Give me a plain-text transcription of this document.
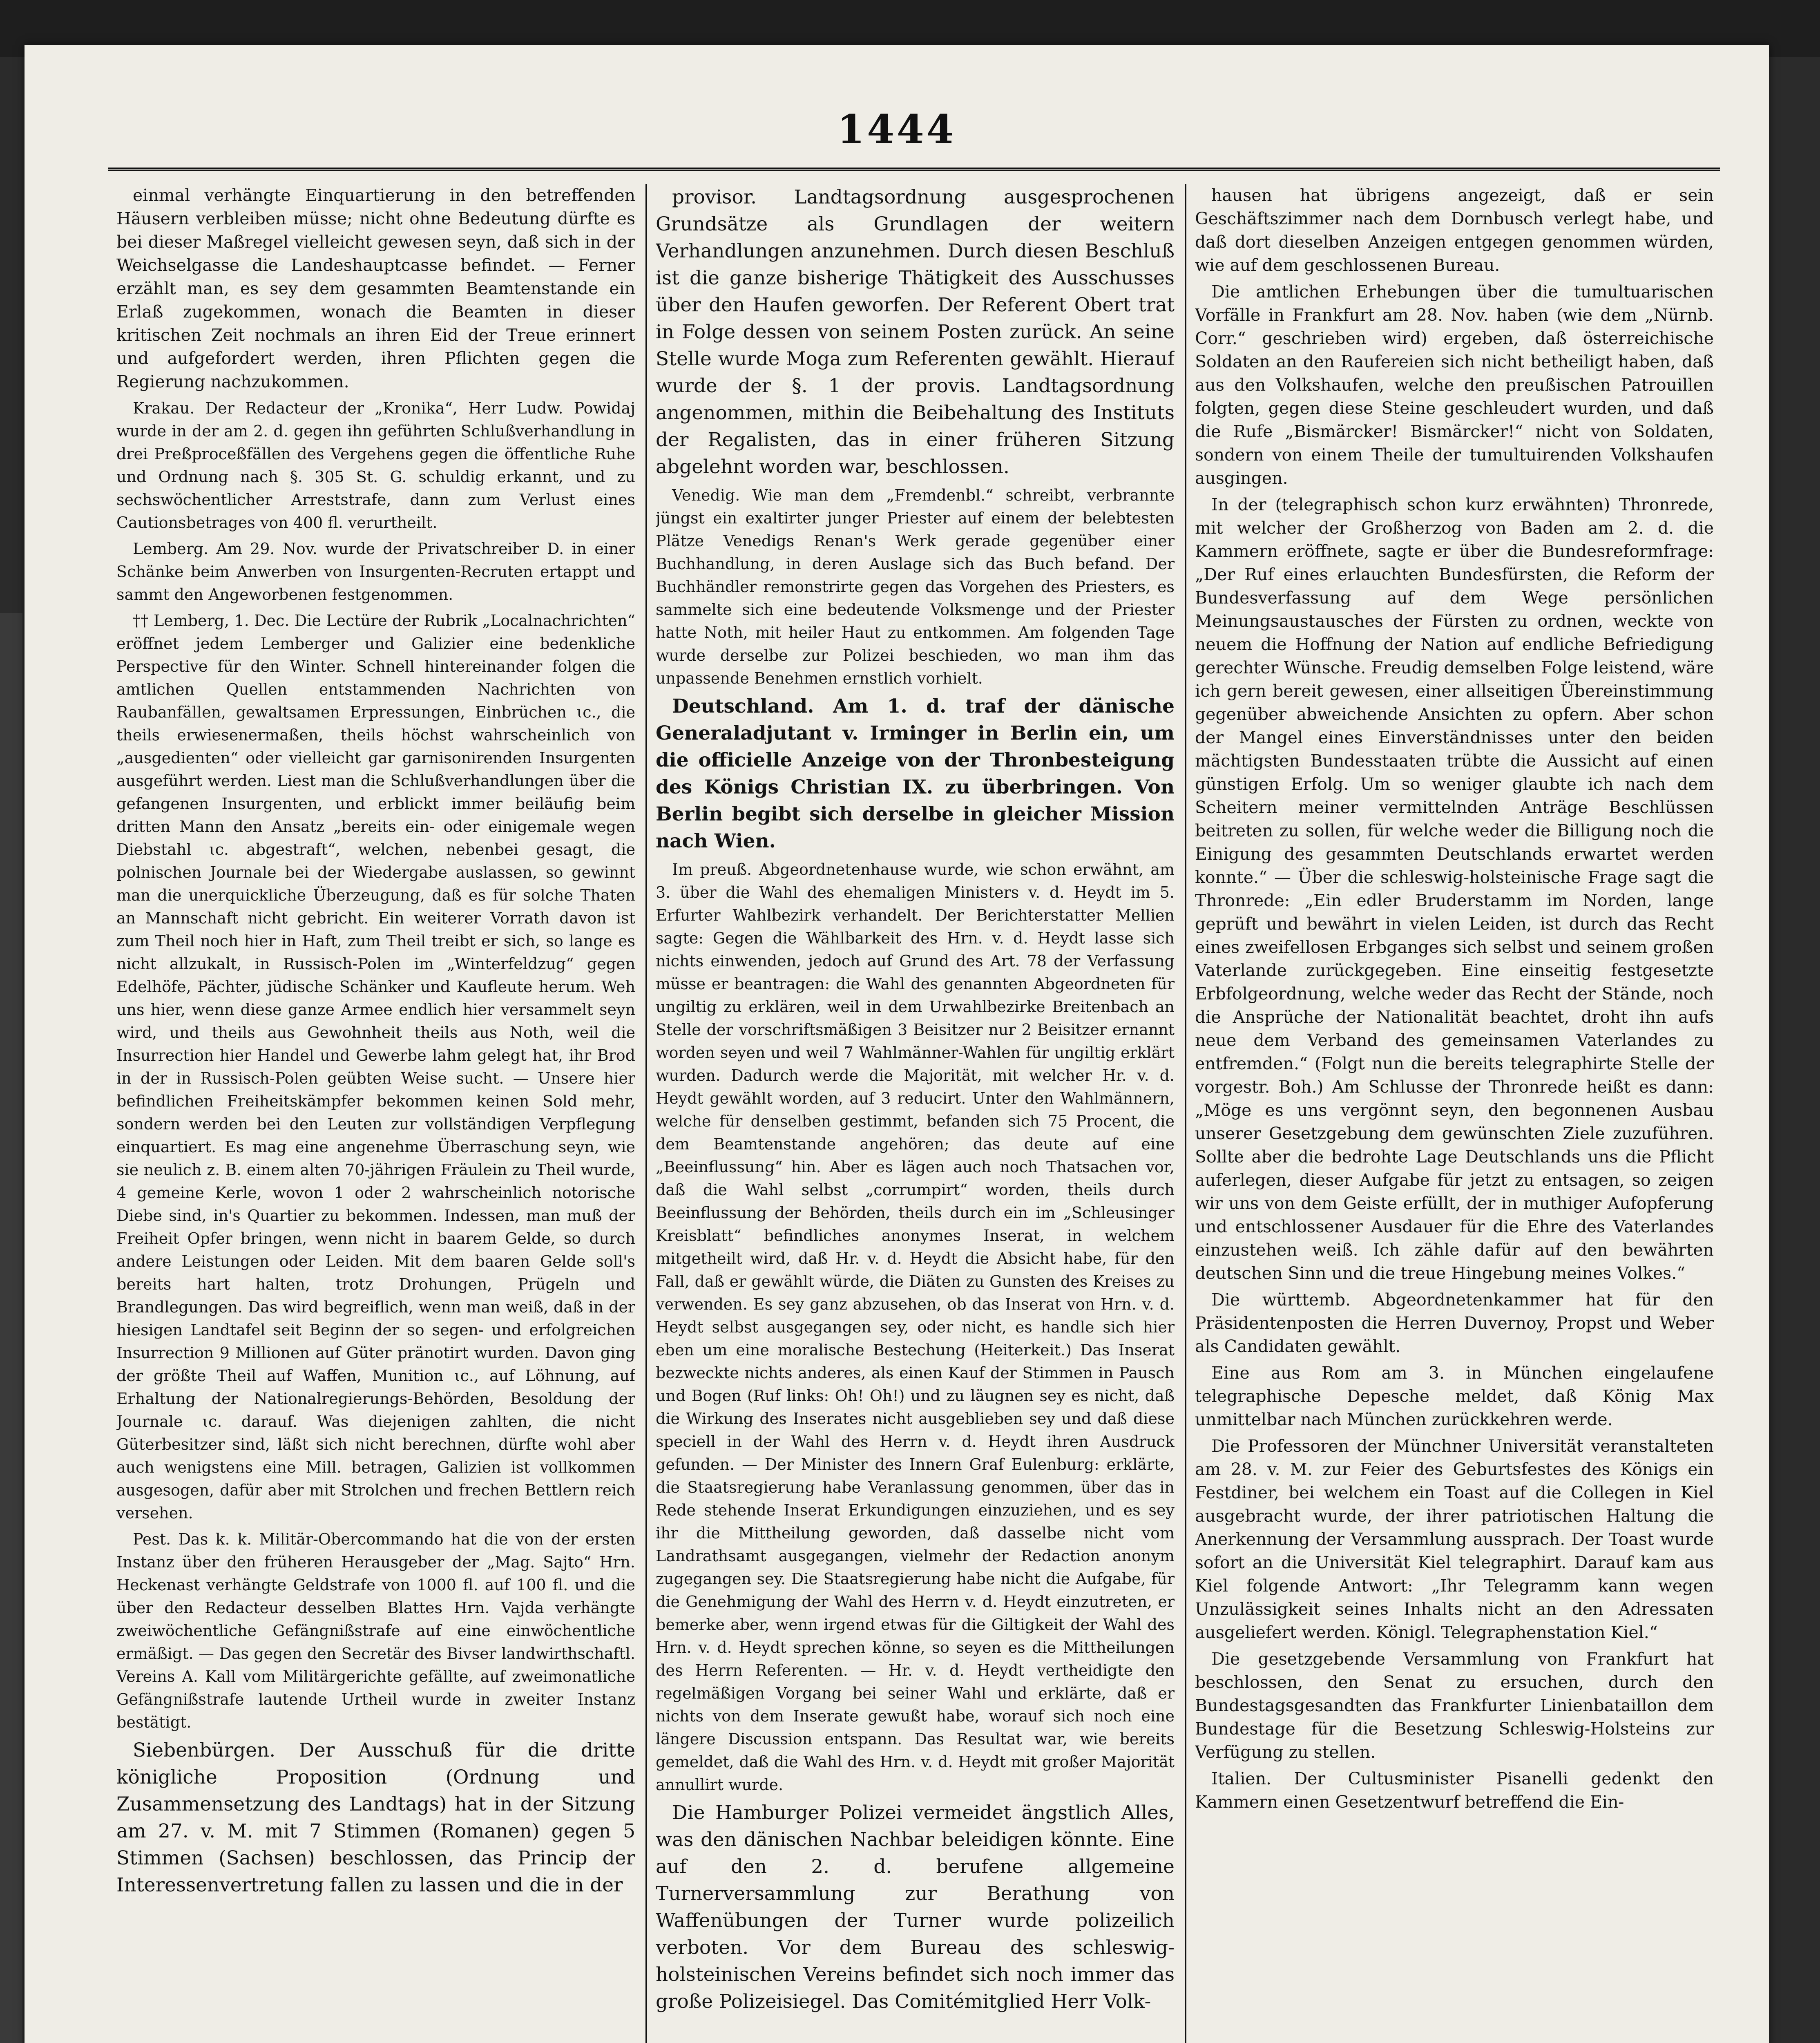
1444

einmal verhängte Einquartierung in den betreffenden Häusern verbleiben müsse; nicht ohne Bedeutung dürfte es bei dieser Maßregel vielleicht gewesen seyn, daß sich in der Weichselgasse die Landeshauptcasse befindet. — Ferner erzählt man, es sey dem gesammten Beamtenstande ein Erlaß zugekommen, wonach die Beamten in dieser kritischen Zeit nochmals an ihren Eid der Treue erinnert und aufgefordert werden, ihren Pflichten gegen die Regierung nachzukommen.

Krakau. Der Redacteur der „Kronika“, Herr Ludw. Powidaj wurde in der am 2. d. gegen ihn geführten Schlußverhandlung in drei Preßproceßfällen des Vergehens gegen die öffentliche Ruhe und Ordnung nach §. 305 St. G. schuldig erkannt, und zu sechswöchentlicher Arreststrafe, dann zum Verlust eines Cautionsbetrages von 400 fl. verurtheilt.

Lemberg. Am 29. Nov. wurde der Privatschreiber D. in einer Schänke beim Anwerben von Insurgenten-Recruten ertappt und sammt den Angeworbenen festgenommen.

†† Lemberg, 1. Dec. Die Lectüre der Rubrik „Localnachrichten“ eröffnet jedem Lemberger und Galizier eine bedenkliche Perspective für den Winter. Schnell hintereinander folgen die amtlichen Quellen entstammenden Nachrichten von Raubanfällen, gewaltsamen Erpressungen, Einbrüchen ɩc., die theils erwiesenermaßen, theils höchst wahrscheinlich von „ausgedienten“ oder vielleicht gar garnisonirenden Insurgenten ausgeführt werden. Liest man die Schlußverhandlungen über die gefangenen Insurgenten, und erblickt immer beiläufig beim dritten Mann den Ansatz „bereits ein- oder einigemale wegen Diebstahl ɩc. abgestraft“, welchen, nebenbei gesagt, die polnischen Journale bei der Wiedergabe auslassen, so gewinnt man die unerquickliche Überzeugung, daß es für solche Thaten an Mannschaft nicht gebricht. Ein weiterer Vorrath davon ist zum Theil noch hier in Haft, zum Theil treibt er sich, so lange es nicht allzukalt, in Russisch-Polen im „Winterfeldzug“ gegen Edelhöfe, Pächter, jüdische Schänker und Kaufleute herum. Weh uns hier, wenn diese ganze Armee endlich hier versammelt seyn wird, und theils aus Gewohnheit theils aus Noth, weil die Insurrection hier Handel und Gewerbe lahm gelegt hat, ihr Brod in der in Russisch-Polen geübten Weise sucht. — Unsere hier befindlichen Freiheitskämpfer bekommen keinen Sold mehr, sondern werden bei den Leuten zur vollständigen Verpflegung einquartiert. Es mag eine angenehme Überraschung seyn, wie sie neulich z. B. einem alten 70-jährigen Fräulein zu Theil wurde, 4 gemeine Kerle, wovon 1 oder 2 wahrscheinlich notorische Diebe sind, in's Quartier zu bekommen. Indessen, man muß der Freiheit Opfer bringen, wenn nicht in baarem Gelde, so durch andere Leistungen oder Leiden. Mit dem baaren Gelde soll's bereits hart halten, trotz Drohungen, Prügeln und Brandlegungen. Das wird begreiflich, wenn man weiß, daß in der hiesigen Landtafel seit Beginn der so segen- und erfolgreichen Insurrection 9 Millionen auf Güter pränotirt wurden. Davon ging der größte Theil auf Waffen, Munition ɩc., auf Löhnung, auf Erhaltung der Nationalregierungs-Behörden, Besoldung der Journale ɩc. darauf. Was diejenigen zahlten, die nicht Güterbesitzer sind, läßt sich nicht berechnen, dürfte wohl aber auch wenigstens eine Mill. betragen, Galizien ist vollkommen ausgesogen, dafür aber mit Strolchen und frechen Bettlern reich versehen.

Pest. Das k. k. Militär-Obercommando hat die von der ersten Instanz über den früheren Herausgeber der „Mag. Sajto“ Hrn. Heckenast verhängte Geldstrafe von 1000 fl. auf 100 fl. und die über den Redacteur desselben Blattes Hrn. Vajda verhängte zweiwöchentliche Gefängnißstrafe auf eine einwöchentliche ermäßigt. — Das gegen den Secretär des Bivser landwirthschaftl. Vereins A. Kall vom Militärgerichte gefällte, auf zweimonatliche Gefängnißstrafe lautende Urtheil wurde in zweiter Instanz bestätigt.

Siebenbürgen. Der Ausschuß für die dritte königliche Proposition (Ordnung und Zusammensetzung des Landtags) hat in der Sitzung am 27. v. M. mit 7 Stimmen (Romanen) gegen 5 Stimmen (Sachsen) beschlossen, das Princip der Interessenvertretung fallen zu lassen und die in der

provisor. Landtagsordnung ausgesprochenen Grundsätze als Grundlagen der weitern Verhandlungen anzunehmen. Durch diesen Beschluß ist die ganze bisherige Thätigkeit des Ausschusses über den Haufen geworfen. Der Referent Obert trat in Folge dessen von seinem Posten zurück. An seine Stelle wurde Moga zum Referenten gewählt. Hierauf wurde der §. 1 der provis. Landtagsordnung angenommen, mithin die Beibehaltung des Instituts der Regalisten, das in einer früheren Sitzung abgelehnt worden war, beschlossen.

Venedig. Wie man dem „Fremdenbl.“ schreibt, verbrannte jüngst ein exaltirter junger Priester auf einem der belebtesten Plätze Venedigs Renan's Werk gerade gegenüber einer Buchhandlung, in deren Auslage sich das Buch befand. Der Buchhändler remonstrirte gegen das Vorgehen des Priesters, es sammelte sich eine bedeutende Volksmenge und der Priester hatte Noth, mit heiler Haut zu entkommen. Am folgenden Tage wurde derselbe zur Polizei beschieden, wo man ihm das unpassende Benehmen ernstlich vorhielt.

Deutschland. Am 1. d. traf der dänische Generaladjutant v. Irminger in Berlin ein, um die officielle Anzeige von der Thronbesteigung des Königs Christian IX. zu überbringen. Von Berlin begibt sich derselbe in gleicher Mission nach Wien.

Im preuß. Abgeordnetenhause wurde, wie schon erwähnt, am 3. über die Wahl des ehemaligen Ministers v. d. Heydt im 5. Erfurter Wahlbezirk verhandelt. Der Berichterstatter Mellien sagte: Gegen die Wählbarkeit des Hrn. v. d. Heydt lasse sich nichts einwenden, jedoch auf Grund des Art. 78 der Verfassung müsse er beantragen: die Wahl des genannten Abgeordneten für ungiltig zu erklären, weil in dem Urwahlbezirke Breitenbach an Stelle der vorschriftsmäßigen 3 Beisitzer nur 2 Beisitzer ernannt worden seyen und weil 7 Wahlmänner-Wahlen für ungiltig erklärt wurden. Dadurch werde die Majorität, mit welcher Hr. v. d. Heydt gewählt worden, auf 3 reducirt. Unter den Wahlmännern, welche für denselben gestimmt, befanden sich 75 Procent, die dem Beamtenstande angehören; das deute auf eine „Beeinflussung“ hin. Aber es lägen auch noch Thatsachen vor, daß die Wahl selbst „corrumpirt“ worden, theils durch Beeinflussung der Behörden, theils durch ein im „Schleusinger Kreisblatt“ befindliches anonymes Inserat, in welchem mitgetheilt wird, daß Hr. v. d. Heydt die Absicht habe, für den Fall, daß er gewählt würde, die Diäten zu Gunsten des Kreises zu verwenden. Es sey ganz abzusehen, ob das Inserat von Hrn. v. d. Heydt selbst ausgegangen sey, oder nicht, es handle sich hier eben um eine moralische Bestechung (Heiterkeit.) Das Inserat bezweckte nichts anderes, als einen Kauf der Stimmen in Pausch und Bogen (Ruf links: Oh! Oh!) und zu läugnen sey es nicht, daß die Wirkung des Inserates nicht ausgeblieben sey und daß diese speciell in der Wahl des Herrn v. d. Heydt ihren Ausdruck gefunden. — Der Minister des Innern Graf Eulenburg: erklärte, die Staatsregierung habe Veranlassung genommen, über das in Rede stehende Inserat Erkundigungen einzuziehen, und es sey ihr die Mittheilung geworden, daß dasselbe nicht vom Landrathsamt ausgegangen, vielmehr der Redaction anonym zugegangen sey. Die Staatsregierung habe nicht die Aufgabe, für die Genehmigung der Wahl des Herrn v. d. Heydt einzutreten, er bemerke aber, wenn irgend etwas für die Giltigkeit der Wahl des Hrn. v. d. Heydt sprechen könne, so seyen es die Mittheilungen des Herrn Referenten. — Hr. v. d. Heydt vertheidigte den regelmäßigen Vorgang bei seiner Wahl und erklärte, daß er nichts von dem Inserate gewußt habe, worauf sich noch eine längere Discussion entspann. Das Resultat war, wie bereits gemeldet, daß die Wahl des Hrn. v. d. Heydt mit großer Majorität annullirt wurde.

Die Hamburger Polizei vermeidet ängstlich Alles, was den dänischen Nachbar beleidigen könnte. Eine auf den 2. d. berufene allgemeine Turnerversammlung zur Berathung von Waffenübungen der Turner wurde polizeilich verboten. Vor dem Bureau des schleswig-holsteinischen Vereins befindet sich noch immer das große Polizeisiegel. Das Comitémitglied Herr Volk-

hausen hat übrigens angezeigt, daß er sein Geschäftszimmer nach dem Dornbusch verlegt habe, und daß dort dieselben Anzeigen entgegen genommen würden, wie auf dem geschlossenen Bureau.

Die amtlichen Erhebungen über die tumultuarischen Vorfälle in Frankfurt am 28. Nov. haben (wie dem „Nürnb. Corr.“ geschrieben wird) ergeben, daß österreichische Soldaten an den Raufereien sich nicht betheiligt haben, daß aus den Volkshaufen, welche den preußischen Patrouillen folgten, gegen diese Steine geschleudert wurden, und daß die Rufe „Bismärcker! Bismärcker!“ nicht von Soldaten, sondern von einem Theile der tumultuirenden Volkshaufen ausgingen.

In der (telegraphisch schon kurz erwähnten) Thronrede, mit welcher der Großherzog von Baden am 2. d. die Kammern eröffnete, sagte er über die Bundesreformfrage: „Der Ruf eines erlauchten Bundesfürsten, die Reform der Bundesverfassung auf dem Wege persönlichen Meinungsaustausches der Fürsten zu ordnen, weckte von neuem die Hoffnung der Nation auf endliche Befriedigung gerechter Wünsche. Freudig demselben Folge leistend, wäre ich gern bereit gewesen, einer allseitigen Übereinstimmung gegenüber abweichende Ansichten zu opfern. Aber schon der Mangel eines Einverständnisses unter den beiden mächtigsten Bundesstaaten trübte die Aussicht auf einen günstigen Erfolg. Um so weniger glaubte ich nach dem Scheitern meiner vermittelnden Anträge Beschlüssen beitreten zu sollen, für welche weder die Billigung noch die Einigung des gesammten Deutschlands erwartet werden konnte.“ — Über die schleswig-holsteinische Frage sagt die Thronrede: „Ein edler Bruderstamm im Norden, lange geprüft und bewährt in vielen Leiden, ist durch das Recht eines zweifellosen Erbganges sich selbst und seinem großen Vaterlande zurückgegeben. Eine einseitig festgesetzte Erbfolgeordnung, welche weder das Recht der Stände, noch die Ansprüche der Nationalität beachtet, droht ihn aufs neue dem Verband des gemeinsamen Vaterlandes zu entfremden.“ (Folgt nun die bereits telegraphirte Stelle der vorgestr. Boh.) Am Schlusse der Thronrede heißt es dann: „Möge es uns vergönnt seyn, den begonnenen Ausbau unserer Gesetzgebung dem gewünschten Ziele zuzuführen. Sollte aber die bedrohte Lage Deutschlands uns die Pflicht auferlegen, dieser Aufgabe für jetzt zu entsagen, so zeigen wir uns von dem Geiste erfüllt, der in muthiger Aufopferung und entschlossener Ausdauer für die Ehre des Vaterlandes einzustehen weiß. Ich zähle dafür auf den bewährten deutschen Sinn und die treue Hingebung meines Volkes.“

Die württemb. Abgeordnetenkammer hat für den Präsidentenposten die Herren Duvernoy, Propst und Weber als Candidaten gewählt.

Eine aus Rom am 3. in München eingelaufene telegraphische Depesche meldet, daß König Max unmittelbar nach München zurückkehren werde.

Die Professoren der Münchner Universität veranstalteten am 28. v. M. zur Feier des Geburtsfestes des Königs ein Festdiner, bei welchem ein Toast auf die Collegen in Kiel ausgebracht wurde, der ihrer patriotischen Haltung die Anerkennung der Versammlung aussprach. Der Toast wurde sofort an die Universität Kiel telegraphirt. Darauf kam aus Kiel folgende Antwort: „Ihr Telegramm kann wegen Unzulässigkeit seines Inhalts nicht an den Adressaten ausgeliefert werden. Königl. Telegraphenstation Kiel.“

Die gesetzgebende Versammlung von Frankfurt hat beschlossen, den Senat zu ersuchen, durch den Bundestagsgesandten das Frankfurter Linienbataillon dem Bundestage für die Besetzung Schleswig-Holsteins zur Verfügung zu stellen.

Italien. Der Cultusminister Pisanelli gedenkt den Kammern einen Gesetzentwurf betreffend die Ein-
